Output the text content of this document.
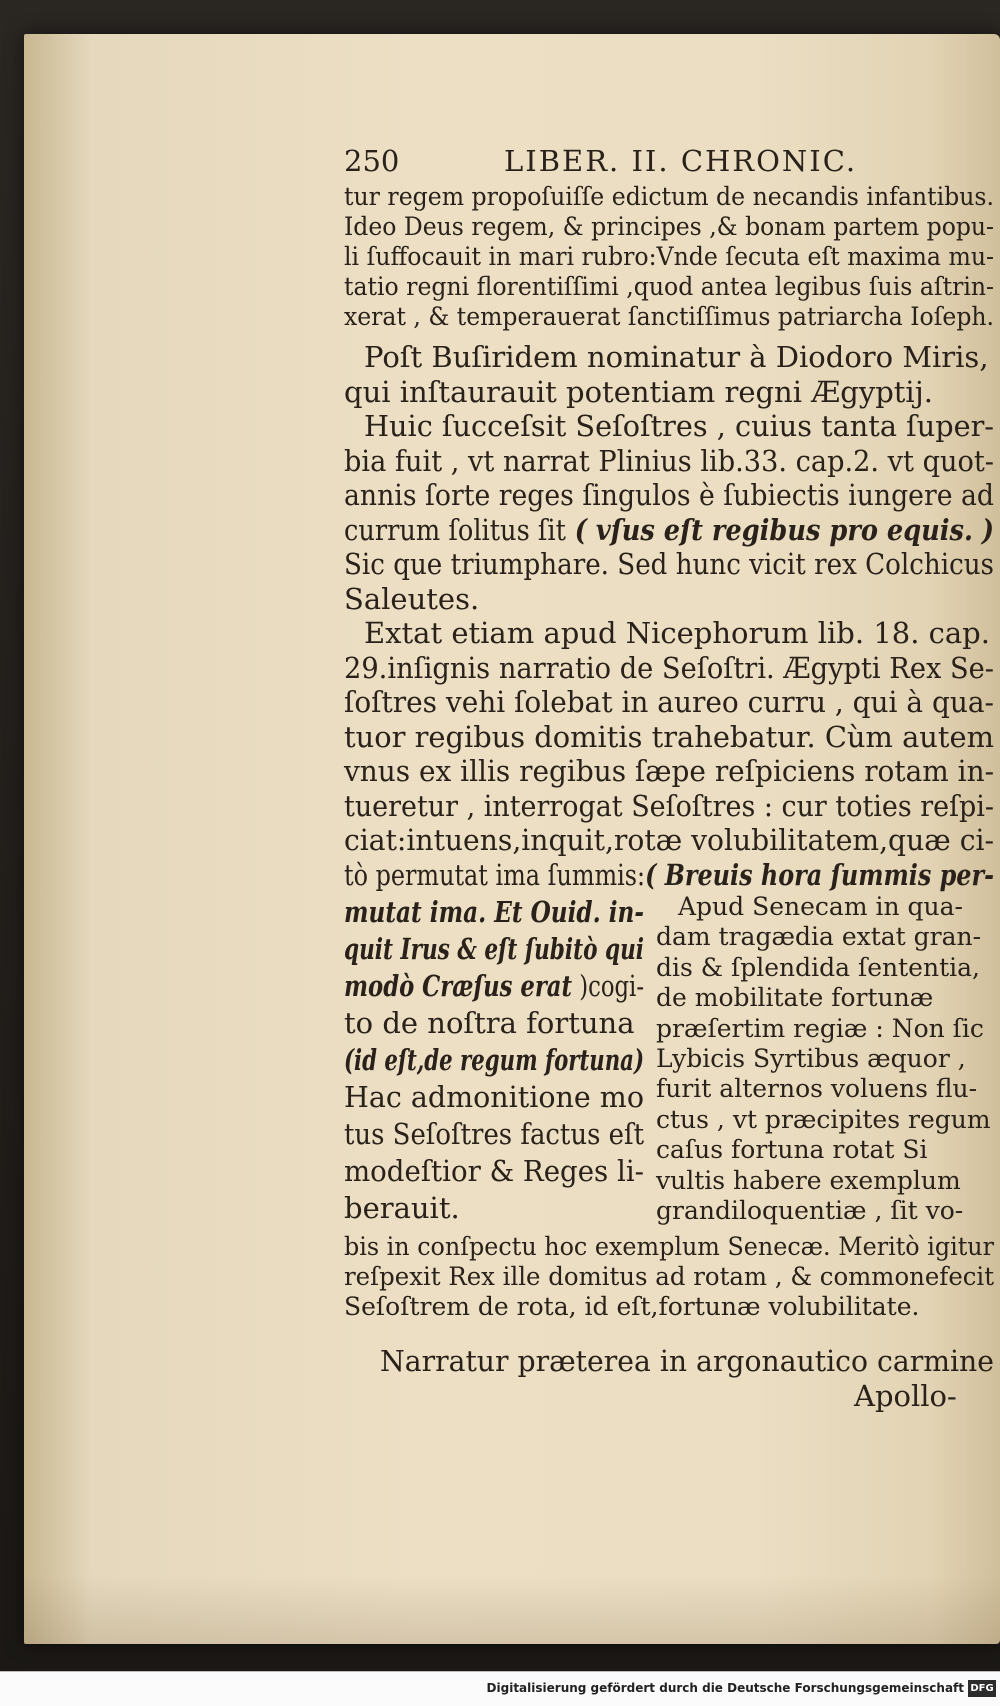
250	LIBER. II. CHRONIC.
tur regem propoſuiſſe edictum de necandis infantibus.
Ideo Deus regem, & principes ,& bonam partem popu-
li ſuffocauit in mari rubro:Vnde ſecuta eſt maxima mu-
tatio regni florentiſſimi ,quod antea legibus ſuis aſtrin-
xerat , & temperauerat ſanctiſſimus patriarcha Ioſeph.
Poſt Buſiridem nominatur à Diodoro Miris,
qui inſtaurauit potentiam regni Ægyptij.
Huic ſucceſsit Seſoſtres , cuius tanta ſuper-
bia fuit , vt narrat Plinius lib.33. cap.2. vt quot-
annis ſorte reges ſingulos è ſubiectis iungere ad
currum ſolitus ſit ( vſus eſt regibus pro equis. )
Sic que triumphare. Sed hunc vicit rex Colchicus
Saleutes.
Extat etiam apud Nicephorum lib. 18. cap.
29.inſignis narratio de Seſoſtri. Ægypti Rex Se-
ſoſtres vehi ſolebat in aureo curru , qui à qua-
tuor regibus domitis trahebatur. Cùm autem
vnus ex illis regibus ſæpe reſpiciens rotam in-
tueretur , interrogat Seſoſtres : cur toties reſpi-
ciat:intuens,inquit,rotæ volubilitatem,quæ ci-
tò permutat ima ſummis:( Breuis hora ſummis per-
mutat ima. Et Ouid. in-quit Irus & eſt ſubitò quimodò Cræſus erat )cogi-to de noſtra fortuna(id eſt,de regum fortuna)Hac admonitione motus Seſoſtres factus eſtmodeſtior & Reges li-berauit.
Apud Senecam in qua-dam tragædia extat gran-dis & ſplendida ſententia,de mobilitate fortunæpræſertim regiæ : Non ſicLybicis Syrtibus æquor ,furit alternos voluens flu-ctus , vt præcipites regumcaſus fortuna rotat Sivultis habere exemplumgrandiloquentiæ , ſit vo-
bis in conſpectu hoc exemplum Senecæ. Meritò igitur
reſpexit Rex ille domitus ad rotam , & commonefecit
Seſoſtrem de rota, id eſt,fortunæ volubilitate.
Narratur præterea in argonautico carmine
Apollo-
Digitalisierung gefördert durch die Deutsche Forschungsgemeinschaft DFG
